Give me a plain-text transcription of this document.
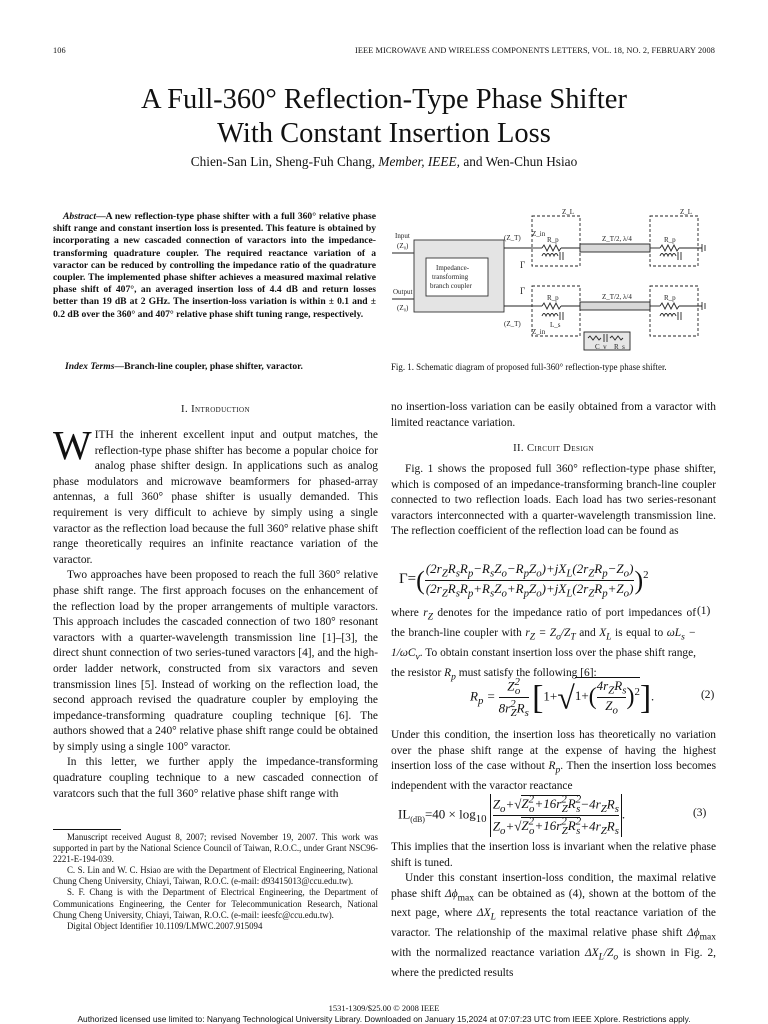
106	IEEE MICROWAVE AND WIRELESS COMPONENTS LETTERS, VOL. 18, NO. 2, FEBRUARY 2008
A Full-360° Reflection-Type Phase Shifter
With Constant Insertion Loss
Chien-San Lin, Sheng-Fuh Chang, Member, IEEE, and Wen-Chun Hsiao
Abstract—A new reflection-type phase shifter with a full 360° relative phase shift range and constant insertion loss is presented. This feature is obtained by incorporating a new cascaded connection of varactors into the impedance-transforming quadrature coupler. The required reactance variation of a varactor can be reduced by controlling the impedance ratio of the quadrature coupler. The implemented phase shifter achieves a measured maximal relative phase shift of 407°, an averaged insertion loss of 4.4 dB and return losses better than 19 dB at 2 GHz. The insertion-loss variation is within ± 0.1 and ± 0.2 dB over the 360° and 407° relative phase shift tuning range, respectively.
Index Terms—Branch-line coupler, phase shifter, varactor.
Input
(Z₀)
Output
(Z₀)
(Z_T)
(Z_T)
Impedance-
transforming
branch coupler
Γ
Γ
Z_in
Z_in
Z_L	Z_L
R_p	R_p
R_p	R_p
Z_T/2, λ/4
Z_T/2, λ/4
L_s
C_v R_s
Fig. 1. Schematic diagram of proposed full-360° reflection-type phase shifter.
I. Introduction

WITH the inherent excellent input and output matches, the reflection-type phase shifter has become a popular choice for analog phase shifter design. In applications such as analog phase modulators and microwave beamformers for phased-array antennas, a full 360° phase shifter is usually demanded. This requirement is very difficult to achieve by simply using a single varactor as the reflection load because the full 360° relative phase shift range theoretically requires an infinite reactance variation of the varactor.

Two approaches have been proposed to reach the full 360° relative phase shift range. The first approach focuses on the enhancement of the reflection load by the proper arrangements of multiple varactors. This approach includes the cascaded connection of two 180° resonant varactors with a quarter-wavelength transmission line [1]–[3], the direct shunt connection of two series-tuned varactors [4], and the high-order ladder network, constructed from six varactors and seven transmission lines [5]. Instead of working on the reflection load, the second approach revised the quadrature coupler by employing the impedance-transforming quadrature coupling technique [6]. The authors showed that a 240° relative phase shift range could be obtained by simply using a single 100° varactor.

In this letter, we further apply the impedance-transforming quadrature coupling technique to a new cascaded connection of varatcors such that the full 360° relative phase shift range with

Manuscript received August 8, 2007; revised November 19, 2007. This work was supported in part by the National Science Council of Taiwan, R.O.C., under Grant NSC96-2221-E-194-039.

C. S. Lin and W. C. Hsiao are with the Department of Electrical Engineering, National Chung Cheng University, Chiayi, Taiwan, R.O.C. (e-mail: d93415013@ccu.edu.tw).

S. F. Chang is with the Department of Electrical Engineering, the Department of Communications Engineering, the Center for Telecommunication Research, National Chung Cheng University, Chiayi, Taiwan, R.O.C. (e-mail: ieesfc@ccu.edu.tw).

Digital Object Identifier 10.1109/LMWC.2007.915094

no insertion-loss variation can be easily obtained from a varactor with limited reactance variation.
II. Circuit Design
Fig. 1 shows the proposed full 360° reflection-type phase shifter, which is composed of an impedance-transforming branch-line coupler connected to two reflection loads. Each load has two series-resonant varactors interconnected with a quarter-wavelength transmission line. The reflection coefficient of the reflection load can be found as
Γ=( $(2r_ZR_sR_p-R_sZ_o-R_pZ_o)+jX_L(2r_ZR_p-Z_o)$
$(2r_ZR_sR_p+R_sZ_o+R_pZ_o)+jX_L(2r_ZR_p+Z_o)$ )$^2$
(1)
where $r_Z$ denotes for the impedance ratio of port impedances of the branch-line coupler with $r_Z = Z_o/Z_T$ and $X_L$ is equal to $\omega L_s - 1/\omega C_v$. To obtain constant insertion loss over the phase shift range, the resistor $R_p$ must satisfy the following [6]:
$R_p$ =
$Z^2_o$
$8r^2_ZR_s$ [1+√1+( $4r_ZR_s$
$Z_o$
)$^2$].	(2)
Under this condition, the insertion loss has theoretically no variation over the phase shift range at the expense of having the highest insertion loss of the case without $R_p$. Then the insertion loss becomes independent with the varactor reactance
$IL_{(dB)}=40 \times \log_{10}$
$Z_o+√Z^2_o+16r^2_ZR^2_s-4r_ZR_s$
$Z_o+√Z^2_o+16r^2_ZR^2_s+4r_ZR_s$
.	(3)
This implies that the insertion loss is invariant when the relative phase shift is tuned.
Under this constant insertion-loss condition, the maximal relative phase shift $\Delta\phi_{max}$ can be obtained as (4), shown at the bottom of the next page, where $\Delta X_L$ represents the total reactance variation of the varactor. The relationship of the maximal relative phase shift $\Delta\phi_{max}$ with the normalized reactance variation $\Delta X_L/Z_o$ is shown in Fig. 2, where the predicted results
1531-1309/$25.00 © 2008 IEEE
Authorized licensed use limited to: Nanyang Technological University Library. Downloaded on January 15,2024 at 07:07:23 UTC from IEEE Xplore. Restrictions apply.
